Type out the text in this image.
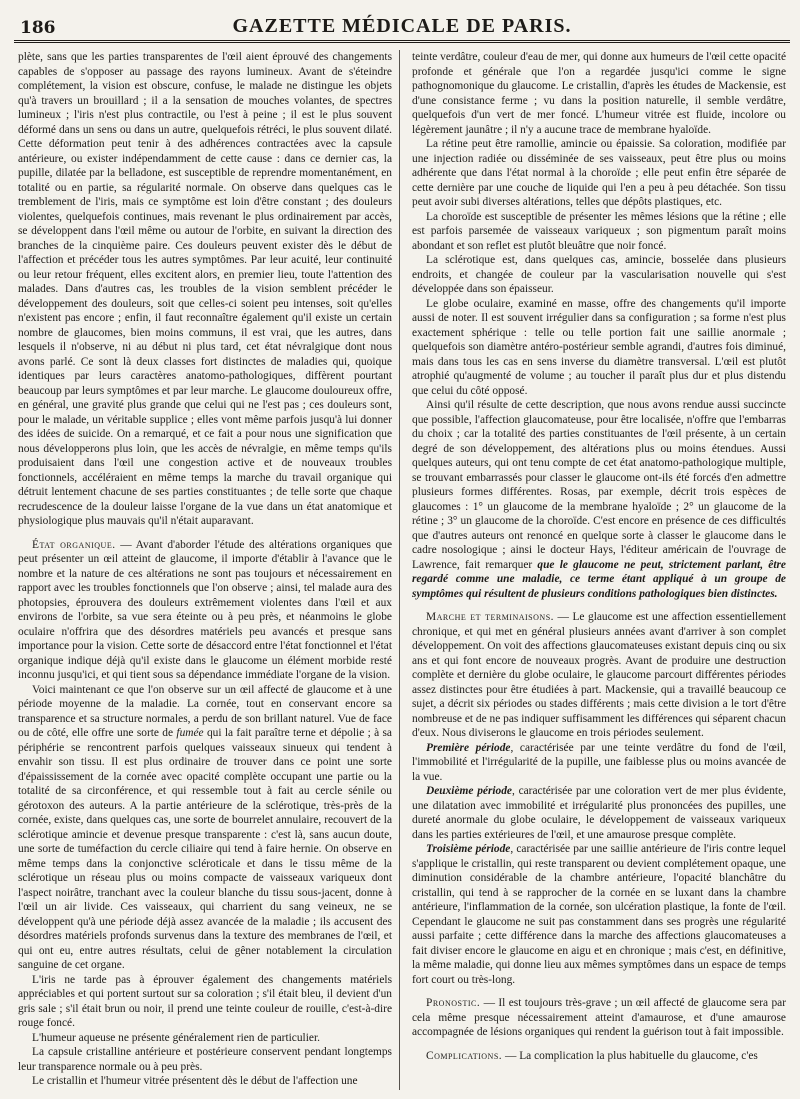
186	GAZETTE MÉDICALE DE PARIS.

plète, sans que les parties transparentes de l'œil aient éprouvé des changements capables de s'opposer au passage des rayons lumineux. Avant de s'éteindre complétement, la vision est obscure, confuse, le malade ne distingue les objets qu'à travers un brouillard ; il a la sensation de mouches volantes, de spectres lumineux ; l'iris n'est plus contractile, ou l'est à peine ; il est le plus souvent déformé dans un sens ou dans un autre, quelquefois rétréci, le plus souvent dilaté. Cette déformation peut tenir à des adhérences contractées avec la capsule antérieure, ou exister indépendamment de cette cause : dans ce dernier cas, la pupille, dilatée par la belladone, est susceptible de reprendre momentanément, en totalité ou en partie, sa régularité normale. On observe dans quelques cas le tremblement de l'iris, mais ce symptôme est loin d'être constant ; des douleurs violentes, quelquefois continues, mais revenant le plus ordinairement par accès, se développent dans l'œil même ou autour de l'orbite, en suivant la direction des branches de la cinquième paire. Ces douleurs peuvent exister dès le début de l'affection et précéder tous les autres symptômes. Par leur acuité, leur continuité ou leur retour fréquent, elles excitent alors, en premier lieu, toute l'attention des malades. Dans d'autres cas, les troubles de la vision semblent précéder le développement des douleurs, soit que celles-ci soient peu intenses, soit qu'elles n'existent pas encore ; enfin, il faut reconnaître également qu'il existe un certain nombre de glaucomes, bien moins communs, il est vrai, que les autres, dans lesquels il n'observe, ni au début ni plus tard, cet état névralgique dont nous avons parlé. Ce sont là deux classes fort distinctes de maladies qui, quoique identiques par leurs caractères anatomo-pathologiques, diffèrent pourtant beaucoup par leurs symptômes et par leur marche. Le glaucome douloureux offre, en général, une gravité plus grande que celui qui ne l'est pas ; ces douleurs sont, pour le malade, un véritable supplice ; elles vont même parfois jusqu'à lui donner des idées de suicide. On a remarqué, et ce fait a pour nous une signification que nous développerons plus loin, que les accès de névralgie, en même temps qu'ils produisaient dans l'œil une congestion active et de nouveaux troubles fonctionnels, accéléraient en même temps la marche du travail organique qui détruit lentement chacune de ses parties constituantes ; de telle sorte que chaque recrudescence de la douleur laisse l'organe de la vue dans un état anatomique et physiologique plus mauvais qu'il n'était auparavant.

État organique. — Avant d'aborder l'étude des altérations organiques que peut présenter un œil atteint de glaucome, il importe d'établir à l'avance que le nombre et la nature de ces altérations ne sont pas toujours et nécessairement en rapport avec les troubles fonctionnels que l'on observe ; ainsi, tel malade aura des photopsies, éprouvera des douleurs extrêmement violentes dans l'œil et aux environs de l'orbite, sa vue sera éteinte ou à peu près, et néanmoins le globe oculaire n'offrira que des désordres matériels peu avancés et presque sans importance pour la vision. Cette sorte de désaccord entre l'état fonctionnel et l'état organique indique déjà qu'il existe dans le glaucome un élément morbide resté inconnu jusqu'ici, et qui tient sous sa dépendance immédiate l'organe de la vision.

Voici maintenant ce que l'on observe sur un œil affecté de glaucome et à une période moyenne de la maladie. La cornée, tout en conservant encore sa transparence et sa structure normales, a perdu de son brillant naturel. Vue de face ou de côté, elle offre une sorte de fumée qui la fait paraître terne et dépolie ; à sa périphérie se rencontrent parfois quelques vaisseaux sinueux qui tendent à envahir son tissu. Il est plus ordinaire de trouver dans ce point une sorte d'épaississement de la cornée avec opacité complète occupant une partie ou la totalité de sa circonférence, et qui ressemble tout à fait au cercle sénile ou gérotoxon des auteurs. A la partie antérieure de la sclérotique, très-près de la cornée, existe, dans quelques cas, une sorte de bourrelet annulaire, recouvert de la sclérotique amincie et devenue presque transparente : c'est là, sans aucun doute, une sorte de tuméfaction du cercle ciliaire qui tend à faire hernie. On observe en même temps dans la conjonctive scléroticale et dans le tissu même de la sclérotique un réseau plus ou moins compacte de vaisseaux variqueux dont l'aspect noirâtre, tranchant avec la couleur blanche du tissu sous-jacent, donne à l'œil un air livide. Ces vaisseaux, qui charrient du sang veineux, ne se développent qu'à une période déjà assez avancée de la maladie ; ils accusent des désordres matériels profonds survenus dans la texture des membranes de l'œil, et qui ont eu, entre autres résultats, celui de gêner notablement la circulation sanguine de cet organe.

L'iris ne tarde pas à éprouver également des changements matériels appréciables et qui portent surtout sur sa coloration ; s'il était bleu, il devient d'un gris sale ; s'il était brun ou noir, il prend une teinte couleur de rouille, c'est-à-dire rouge foncé.

L'humeur aqueuse ne présente généralement rien de particulier.

La capsule cristalline antérieure et postérieure conservent pendant longtemps leur transparence normale ou à peu près.

Le cristallin et l'humeur vitrée présentent dès le début de l'affection une

teinte verdâtre, couleur d'eau de mer, qui donne aux humeurs de l'œil cette opacité profonde et générale que l'on a regardée jusqu'ici comme le signe pathognomonique du glaucome. Le cristallin, d'après les études de Mackensie, est d'une consistance ferme ; vu dans la position naturelle, il semble verdâtre, quelquefois d'un vert de mer foncé. L'humeur vitrée est fluide, incolore ou légèrement jaunâtre ; il n'y a aucune trace de membrane hyaloïde.

La rétine peut être ramollie, amincie ou épaissie. Sa coloration, modifiée par une injection radiée ou disséminée de ses vaisseaux, peut être plus ou moins adhérente que dans l'état normal à la choroïde ; elle peut enfin être séparée de cette dernière par une couche de liquide qui l'en a peu à peu détachée. Son tissu peut avoir subi diverses altérations, telles que dépôts plastiques, etc.

La choroïde est susceptible de présenter les mêmes lésions que la rétine ; elle est parfois parsemée de vaisseaux variqueux ; son pigmentum paraît moins abondant et son reflet est plutôt bleuâtre que noir foncé.

La sclérotique est, dans quelques cas, amincie, bosselée dans plusieurs endroits, et changée de couleur par la vascularisation nouvelle qui s'est développée dans son épaisseur.

Le globe oculaire, examiné en masse, offre des changements qu'il importe aussi de noter. Il est souvent irrégulier dans sa configuration ; sa forme n'est plus exactement sphérique : telle ou telle portion fait une saillie anormale ; quelquefois son diamètre antéro-postérieur semble agrandi, d'autres fois diminué, mais dans tous les cas en sens inverse du diamètre transversal. L'œil est plutôt atrophié qu'augmenté de volume ; au toucher il paraît plus dur et plus distendu que celui du côté opposé.

Ainsi qu'il résulte de cette description, que nous avons rendue aussi succincte que possible, l'affection glaucomateuse, pour être localisée, n'offre que l'embarras du choix ; car la totalité des parties constituantes de l'œil présente, à un certain degré de son développement, des altérations plus ou moins étendues. Aussi quelques auteurs, qui ont tenu compte de cet état anatomo-pathologique multiple, se trouvant embarrassés pour classer le glaucome ont-ils été forcés d'en admettre plusieurs formes différentes. Rosas, par exemple, décrit trois espèces de glaucomes : 1° un glaucome de la membrane hyaloïde ; 2° un glaucome de la rétine ; 3° un glaucome de la choroïde. C'est encore en présence de ces difficultés que d'autres auteurs ont renoncé en quelque sorte à classer le glaucome dans le cadre nosologique ; ainsi le docteur Hays, l'éditeur américain de l'ouvrage de Lawrence, fait remarquer que le glaucome ne peut, strictement parlant, être regardé comme une maladie, ce terme étant appliqué à un groupe de symptômes qui résultent de plusieurs conditions pathologiques bien distinctes.

Marche et terminaisons. — Le glaucome est une affection essentiellement chronique, et qui met en général plusieurs années avant d'arriver à son complet développement. On voit des affections glaucomateuses existant depuis cinq ou six ans et qui font encore de nouveaux progrès. Avant de produire une destruction complète et dernière du globe oculaire, le glaucome parcourt différentes périodes assez distinctes pour être étudiées à part. Mackensie, qui a travaillé beaucoup ce sujet, a décrit six périodes ou stades différents ; mais cette division a le tort d'être nombreuse et de ne pas indiquer suffisamment les différences qui séparent chacun d'eux. Nous diviserons le glaucome en trois périodes seulement.

Première période, caractérisée par une teinte verdâtre du fond de l'œil, l'immobilité et l'irrégularité de la pupille, une faiblesse plus ou moins avancée de la vue.

Deuxième période, caractérisée par une coloration vert de mer plus évidente, une dilatation avec immobilité et irrégularité plus prononcées des pupilles, une dureté anormale du globe oculaire, le développement de vaisseaux variqueux dans les parties extérieures de l'œil, et une amaurose presque complète.

Troisième période, caractérisée par une saillie antérieure de l'iris contre lequel s'applique le cristallin, qui reste transparent ou devient complétement opaque, une diminution considérable de la chambre antérieure, l'opacité blanchâtre du cristallin, qui tend à se rapprocher de la cornée en se luxant dans la chambre antérieure, l'inflammation de la cornée, son ulcération plastique, la fonte de l'œil. Cependant le glaucome ne suit pas constamment dans ses progrès une régularité aussi parfaite ; cette différence dans la marche des affections glaucomateuses a fait diviser encore le glaucome en aigu et en chronique ; mais c'est, en définitive, la même maladie, qui donne lieu aux mêmes symptômes dans un espace de temps fort court ou très-long.

Pronostic. — Il est toujours très-grave ; un œil affecté de glaucome sera par cela même presque nécessairement atteint d'amaurose, et d'une amaurose accompagnée de lésions organiques qui rendent la guérison tout à fait impossible.

Complications. — La complication la plus habituelle du glaucome, c'es
